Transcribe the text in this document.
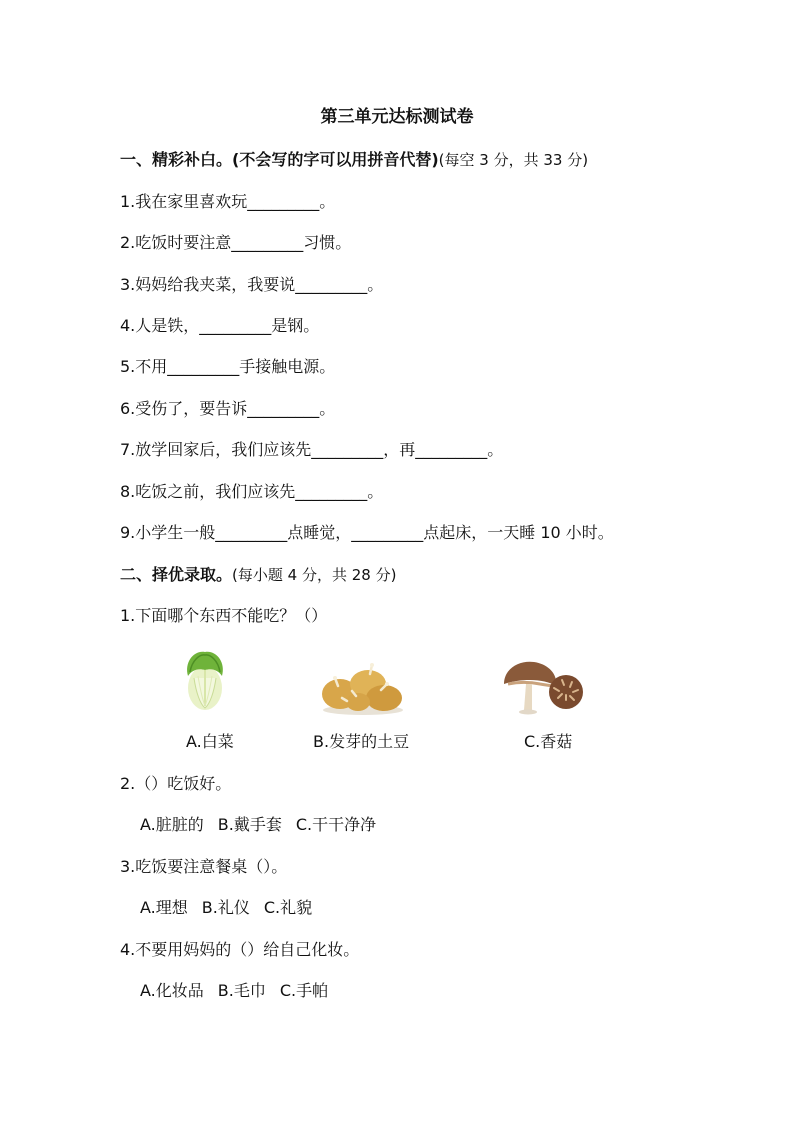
第三单元达标测试卷
一、精彩补白。(不会写的字可以用拼音代替)(每空 3 分，共 33 分)
1.我在家里喜欢玩_________。
2.吃饭时要注意_________习惯。
3.妈妈给我夹菜，我要说_________。
4.人是铁，_________是钢。
5.不用_________手接触电源。
6.受伤了，要告诉_________。
7.放学回家后，我们应该先_________，再_________。
8.吃饭之前，我们应该先_________。
9.小学生一般_________点睡觉，_________点起床，一天睡 10 小时。
二、择优录取。(每小题 4 分，共 28 分)
1.下面哪个东西不能吃？（）
A.白菜	B.发芽的土豆	C.香菇
2.（）吃饭好。
A.脏脏的 B.戴手套 C.干干净净
3.吃饭要注意餐桌（）。
A.理想 B.礼仪 C.礼貌
4.不要用妈妈的（）给自己化妆。
A.化妆品 B.毛巾 C.手帕
